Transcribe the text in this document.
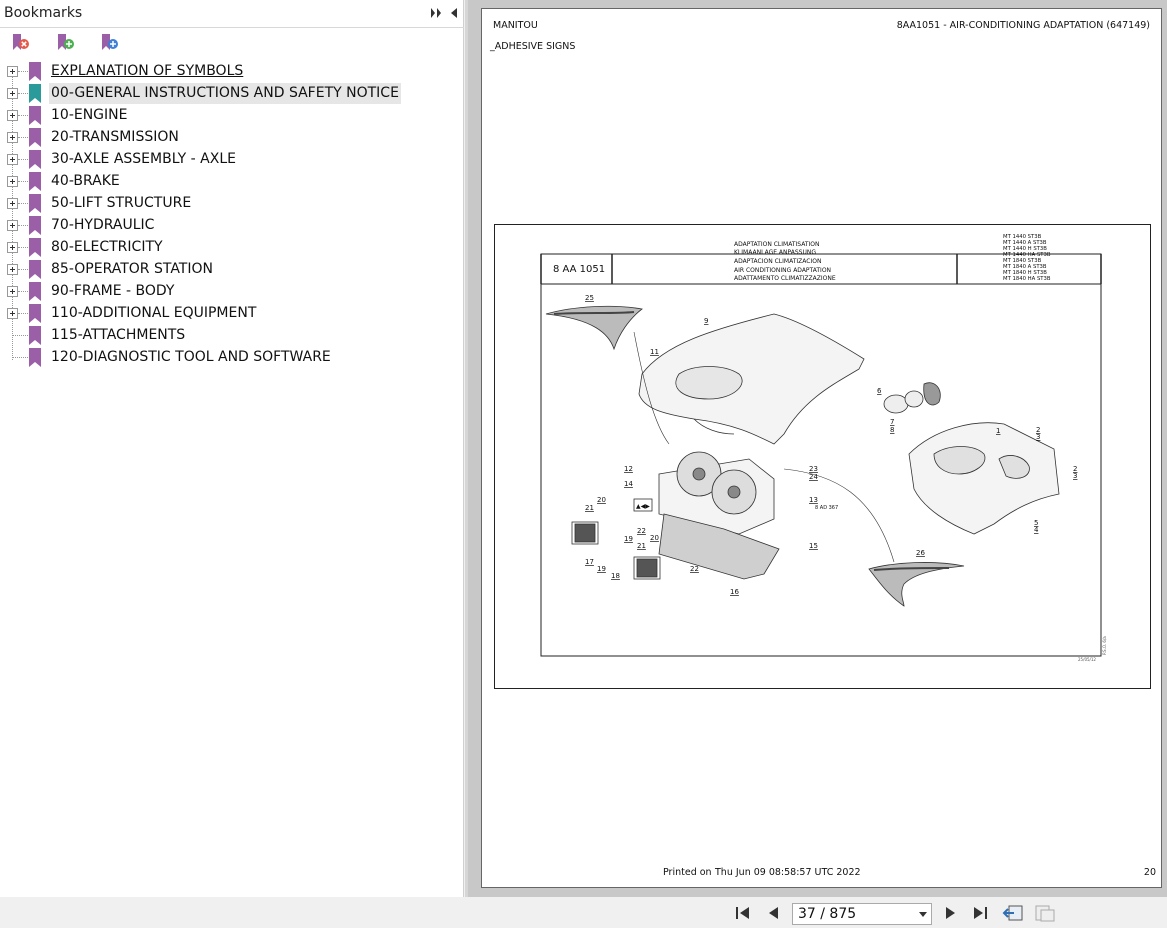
Bookmarks
EXPLANATION OF SYMBOLS
00-GENERAL INSTRUCTIONS AND SAFETY NOTICE
10-ENGINE
20-TRANSMISSION
30-AXLE ASSEMBLY - AXLE
40-BRAKE
50-LIFT STRUCTURE
70-HYDRAULIC
80-ELECTRICITY
85-OPERATOR STATION
90-FRAME - BODY
110-ADDITIONAL EQUIPMENT
115-ATTACHMENTS
120-DIAGNOSTIC TOOL AND SOFTWARE
MANITOU	8AA1051 - AIR-CONDITIONING ADAPTATION (647149)
_ADHESIVE SIGNS
8 AA 1051
ADAPTATION CLIMATISATION
KLIMAANLAGE ANPASSUNG
ADAPTACION CLIMATIZACION
AIR CONDITIONING ADAPTATION
ADATTAMENTO CLIMATIZZAZIONE
MT 1440 ST3B
MT 1440 A ST3B
MT 1440 H ST3B
MT 1440 HA ST3B
MT 1840 ST3B
MT 1840 A ST3B
MT 1840 H ST3B
MT 1840 HA ST3B
25/05/12
P.S.O. 6/a
▲◀▶	8 AD 367
25
9
11
6
7
8	1	2
3
2
3
5
4
12	23
24
14
13
20
21
22
19
17
19
18
20
21
22
15
16
26
Printed on Thu Jun 09 08:58:57 UTC 2022	20
37 / 875
